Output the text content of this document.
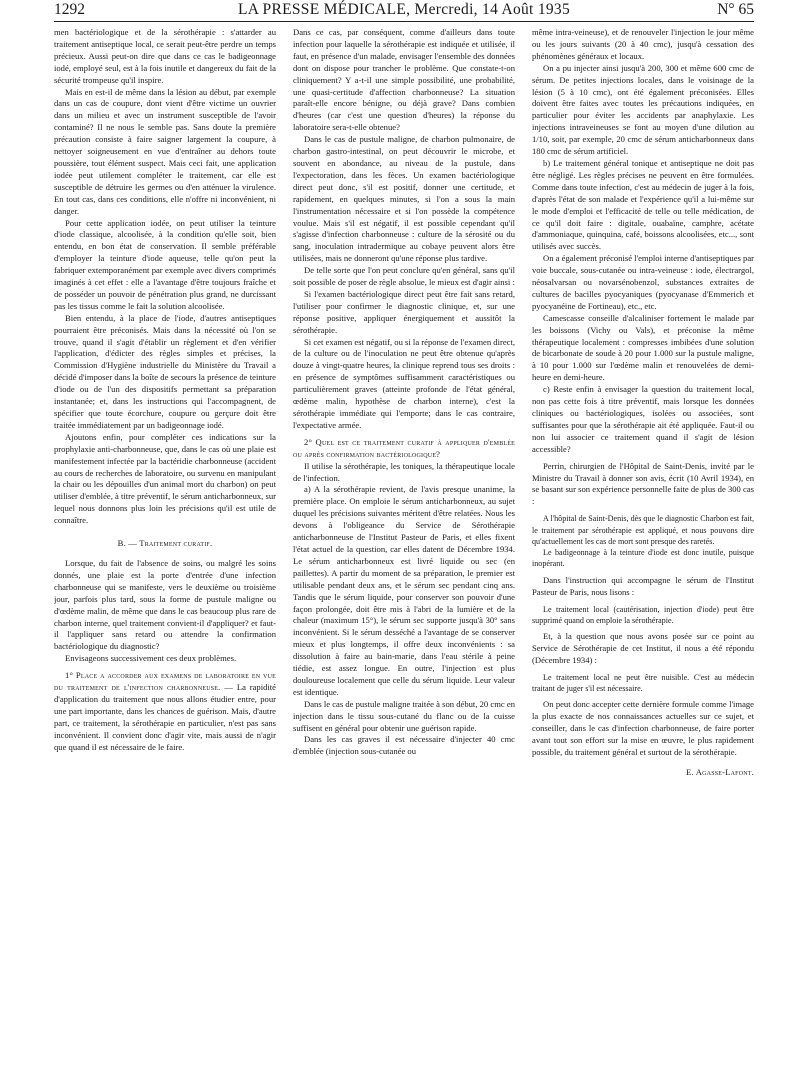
1292	LA PRESSE MÉDICALE, Mercredi, 14 Août 1935	N° 65

men bactériologique et de la sérothérapie : s'attarder au traitement antiseptique local, ce serait peut-être perdre un temps précieux. Aussi peut-on dire que dans ce cas le badigeonnage iodé, employé seul, est à la fois inutile et dangereux du fait de la sécurité trompeuse qu'il inspire.

Mais en est-il de même dans la lésion au début, par exemple dans un cas de coupure, dont vient d'être victime un ouvrier dans un milieu et avec un instrument susceptible de l'avoir contaminé? Il ne nous le semble pas. Sans doute la première précaution consiste à faire saigner largement la coupure, à nettoyer soigneusement en vue d'entraîner au dehors toute poussière, tout élément suspect. Mais ceci fait, une application iodée peut utilement compléter le traitement, car elle est susceptible de détruire les germes ou d'en atténuer la virulence. En tout cas, dans ces conditions, elle n'offre ni inconvénient, ni danger.

Pour cette application iodée, on peut utiliser la teinture d'iode classique, alcoolisée, à la condition qu'elle soit, bien entendu, en bon état de conservation. Il semble préférable d'employer la teinture d'iode aqueuse, telle qu'on peut la fabriquer extemporanément par exemple avec divers comprimés imaginés à cet effet : elle a l'avantage d'être toujours fraîche et de posséder un pouvoir de pénétration plus grand, ne durcissant pas les tissus comme le fait la solution alcoolisée.

Bien entendu, à la place de l'iode, d'autres antiseptiques pourraient être préconisés. Mais dans la nécessité où l'on se trouve, quand il s'agit d'établir un règlement et d'en vérifier l'application, d'édicter des règles simples et précises, la Commission d'Hygiène industrielle du Ministère du Travail a décidé d'imposer dans la boîte de secours la présence de teinture d'iode ou de l'un des dispositifs permettant sa préparation instantanée; et, dans les instructions qui l'accompagnent, de spécifier que toute écorchure, coupure ou gerçure doit être traitée immédiatement par un badigeonnage iodé.

Ajoutons enfin, pour compléter ces indications sur la prophylaxie anti-charbonneuse, que, dans le cas où une plaie est manifestement infectée par la bactéridie charbonneuse (accident au cours de recherches de laboratoire, ou survenu en manipulant la chair ou les dépouilles d'un animal mort du charbon) on peut utiliser d'emblée, à titre préventif, le sérum anticharbonneux, sur lequel nous donnons plus loin les précisions qu'il est utile de connaître.

B. — Traitement curatif.

Lorsque, du fait de l'absence de soins, ou malgré les soins donnés, une plaie est la porte d'entrée d'une infection charbonneuse qui se manifeste, vers le deuxième ou troisième jour, parfois plus tard, sous la forme de pustule maligne ou d'œdème malin, de même que dans le cas beaucoup plus rare de charbon interne, quel traitement convient-il d'appliquer? et faut-il l'appliquer sans retard ou attendre la confirmation bactériologique du diagnostic?

Envisageons successivement ces deux problèmes.

1° Place a accorder aux examens de laboratoire en vue du traitement de l'infection charbonneuse. — La rapidité d'application du traitement que nous allons étudier entre, pour une part importante, dans les chances de guérison. Mais, d'autre part, ce traitement, la sérothérapie en particulier, n'est pas sans inconvénient. Il convient donc d'agir vite, mais aussi de n'agir que quand il est nécessaire de le faire.

Dans ce cas, par conséquent, comme d'ailleurs dans toute infection pour laquelle la sérothérapie est indiquée et utilisée, il faut, en présence d'un malade, envisager l'ensemble des données dont on dispose pour trancher le problème. Que constate-t-on cliniquement? Y a-t-il une simple possibilité, une probabilité, une quasi-certitude d'affection charbonneuse? La situation paraît-elle encore bénigne, ou déjà grave? Dans combien d'heures (car c'est une question d'heures) la réponse du laboratoire sera-t-elle obtenue?

Dans le cas de pustule maligne, de charbon pulmonaire, de charbon gastro-intestinal, on peut découvrir le microbe, et souvent en abondance, au niveau de la pustule, dans l'expectoration, dans les fèces. Un examen bactériologique direct peut donc, s'il est positif, donner une certitude, et rapidement, en quelques minutes, si l'on a sous la main l'instrumentation nécessaire et si l'on possède la compétence voulue. Mais s'il est négatif, il est possible cependant qu'il s'agisse d'infection charbonneuse : culture de la sérosité ou du sang, inoculation intradermique au cobaye peuvent alors être utilisées, mais ne donneront qu'une réponse plus tardive.

De telle sorte que l'on peut conclure qu'en général, sans qu'il soit possible de poser de règle absolue, le mieux est d'agir ainsi :

Si l'examen bactériologique direct peut être fait sans retard, l'utiliser pour confirmer le diagnostic clinique, et, sur une réponse positive, appliquer énergiquement et aussitôt la sérothérapie.

Si cet examen est négatif, ou si la réponse de l'examen direct, de la culture ou de l'inoculation ne peut être obtenue qu'après douze à vingt-quatre heures, la clinique reprend tous ses droits : en présence de symptômes suffisamment caractéristiques ou particulièrement graves (atteinte profonde de l'état général, œdème malin, hypothèse de charbon interne), c'est la sérothérapie immédiate qui l'emporte; dans le cas contraire, l'expectative armée.

2° Quel est ce traitement curatif à appliquer d'emblée ou après confirmation bactériologique?

Il utilise la sérothérapie, les toniques, la thérapeutique locale de l'infection.

a) A la sérothérapie revient, de l'avis presque unanime, la première place. On emploie le sérum anticharbonneux, au sujet duquel les précisions suivantes méritent d'être relatées. Nous les devons à l'obligeance du Service de Sérothérapie anticharbonneuse de l'Institut Pasteur de Paris, et elles fixent l'état actuel de la question, car elles datent de Décembre 1934. Le sérum anticharbonneux est livré liquide ou sec (en paillettes). A partir du moment de sa préparation, le premier est utilisable pendant deux ans, et le sérum sec pendant cinq ans. Tandis que le sérum liquide, pour conserver son pouvoir d'une façon prolongée, doit être mis à l'abri de la lumière et de la chaleur (maximum 15°), le sérum sec supporte jusqu'à 30° sans inconvénient. Si le sérum desséché a l'avantage de se conserver mieux et plus longtemps, il offre deux inconvénients : sa dissolution à faire au bain-marie, dans l'eau stérile à peine tiédie, est assez longue. En outre, l'injection est plus douloureuse localement que celle du sérum liquide. Leur valeur est identique.

Dans le cas de pustule maligne traitée à son début, 20 cmc en injection dans le tissu sous-cutané du flanc ou de la cuisse suffisent en général pour obtenir une guérison rapide.

Dans les cas graves il est nécessaire d'injecter 40 cmc d'emblée (injection sous-cutanée ou

même intra-veineuse), et de renouveler l'injection le jour même ou les jours suivants (20 à 40 cmc), jusqu'à cessation des phénomènes généraux et locaux.

On a pu injecter ainsi jusqu'à 200, 300 et même 600 cmc de sérum. De petites injections locales, dans le voisinage de la lésion (5 à 10 cmc), ont été également préconisées. Elles doivent être faites avec toutes les précautions indiquées, en particulier pour éviter les accidents par anaphylaxie. Les injections intraveineuses se font au moyen d'une dilution au 1/10, soit, par exemple, 20 cmc de sérum anticharbonneux dans 180 cmc de sérum artificiel.

b) Le traitement général tonique et antiseptique ne doit pas être négligé. Les règles précises ne peuvent en être formulées. Comme dans toute infection, c'est au médecin de juger à la fois, d'après l'état de son malade et l'expérience qu'il a lui-même sur le mode d'emploi et l'efficacité de telle ou telle médication, de ce qu'il doit faire : digitale, ouabaïne, camphre, acétate d'ammoniaque, quinquina, café, boissons alcoolisées, etc..., sont utilisés avec succès.

On a également préconisé l'emploi interne d'antiseptiques par voie buccale, sous-cutanée ou intra-veineuse : iode, électrargol, néosalvarsan ou novarsénobenzol, substances extraites de cultures de bacilles pyocyaniques (pyocyanase d'Emmerich et pyocyanéine de Fortineau), etc., etc.

Camescasse conseille d'alcaliniser fortement le malade par les boissons (Vichy ou Vals), et préconise la même thérapeutique localement : compresses imbibées d'une solution de bicarbonate de soude à 20 pour 1.000 sur la pustule maligne, à 10 pour 1.000 sur l'œdème malin et renouvelées de demi-heure en demi-heure.

c) Reste enfin à envisager la question du traitement local, non pas cette fois à titre préventif, mais lorsque les données cliniques ou bactériologiques, isolées ou associées, sont suffisantes pour que la sérothérapie ait été appliquée. Faut-il ou non lui associer ce traitement quand il s'agit de lésion accessible?

Perrin, chirurgien de l'Hôpital de Saint-Denis, invité par le Ministre du Travail à donner son avis, écrit (10 Avril 1934), en se basant sur son expérience personnelle faite de plus de 300 cas :

A l'hôpital de Saint-Denis, dès que le diagnostic Charbon est fait, le traitement par sérothérapie est appliqué, et nous pouvons dire qu'actuellement les cas de mort sont presque des raretés.

Le badigeonnage à la teinture d'iode est donc inutile, puisque inopérant.

Dans l'instruction qui accompagne le sérum de l'Institut Pasteur de Paris, nous lisons :

Le traitement local (cautérisation, injection d'iode) peut être supprimé quand on emploie la sérothérapie.

Et, à la question que nous avons posée sur ce point au Service de Sérothérapie de cet Institut, il nous a été répondu (Décembre 1934) :

Le traitement local ne peut être nuisible. C'est au médecin traitant de juger s'il est nécessaire.

On peut donc accepter cette dernière formule comme l'image la plus exacte de nos connaissances actuelles sur ce sujet, et conseiller, dans le cas d'infection charbonneuse, de faire porter avant tout son effort sur la mise en œuvre, le plus rapidement possible, du traitement général et surtout de la sérothérapie.

E. Agasse-Lafont.
